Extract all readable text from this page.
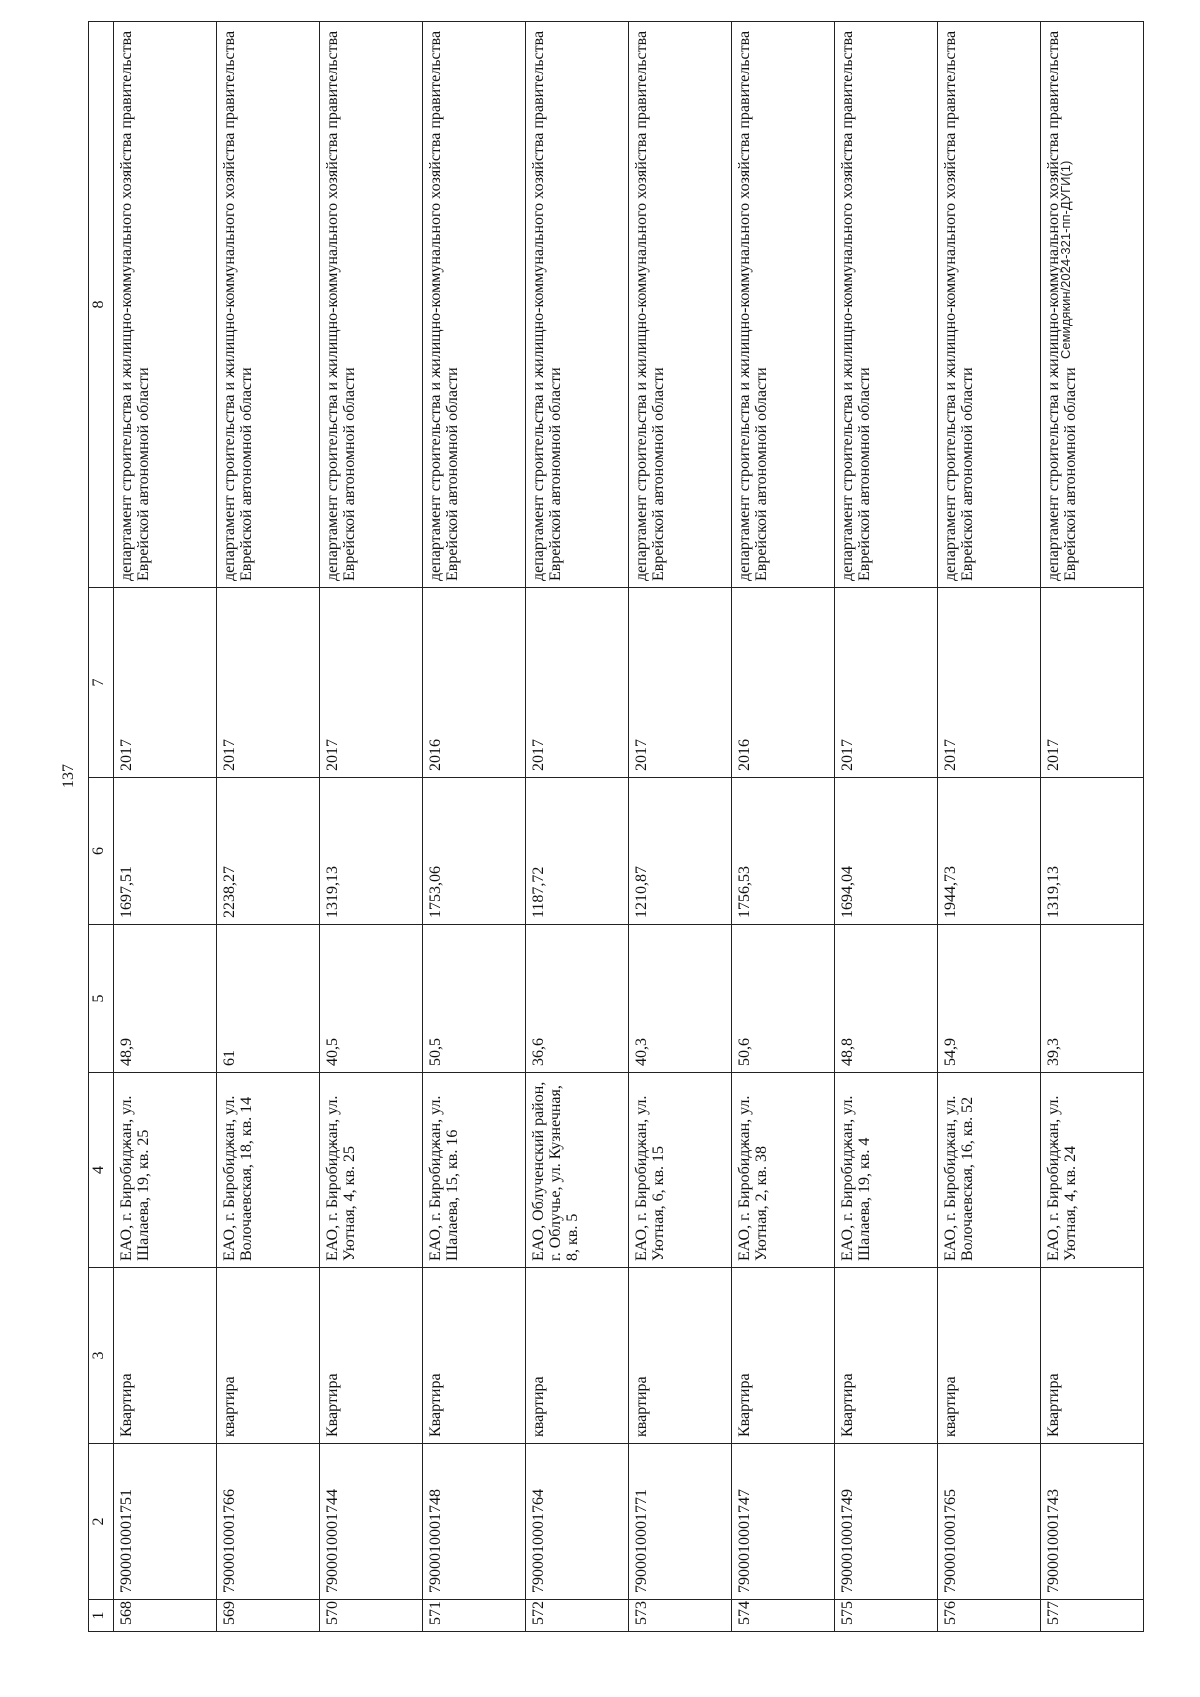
137
1	2	3	4	5	6	7	8
568	7900010001751	Квартира	ЕАО, г. Биробиджан, ул. Шалаева, 19, кв. 25	48,9	1697,51	2017	департамент строительства и жилищно-коммунального хозяйства правительства Еврейской автономной области
569	7900010001766	квартира	ЕАО, г. Биробиджан, ул. Волочаевская, 18, кв. 14	61	2238,27	2017	департамент строительства и жилищно-коммунального хозяйства правительства Еврейской автономной области
570	7900010001744	Квартира	ЕАО, г. Биробиджан, ул. Уютная, 4, кв. 25	40,5	1319,13	2017	департамент строительства и жилищно-коммунального хозяйства правительства Еврейской автономной области
571	7900010001748	Квартира	ЕАО, г. Биробиджан, ул. Шалаева, 15, кв. 16	50,5	1753,06	2016	департамент строительства и жилищно-коммунального хозяйства правительства Еврейской автономной области
572	7900010001764	квартира	ЕАО, Облученский район, г. Облучье, ул. Кузнечная, 8, кв. 5	36,6	1187,72	2017	департамент строительства и жилищно-коммунального хозяйства правительства Еврейской автономной области
573	7900010001771	квартира	ЕАО, г. Биробиджан, ул. Уютная, 6, кв. 15	40,3	1210,87	2017	департамент строительства и жилищно-коммунального хозяйства правительства Еврейской автономной области
574	7900010001747	Квартира	ЕАО, г. Биробиджан, ул. Уютная, 2, кв. 38	50,6	1756,53	2016	департамент строительства и жилищно-коммунального хозяйства правительства Еврейской автономной области
575	7900010001749	Квартира	ЕАО, г. Биробиджан, ул. Шалаева, 19, кв. 4	48,8	1694,04	2017	департамент строительства и жилищно-коммунального хозяйства правительства Еврейской автономной области
576	7900010001765	квартира	ЕАО, г. Биробиджан, ул. Волочаевская, 16, кв. 52	54,9	1944,73	2017	департамент строительства и жилищно-коммунального хозяйства правительства Еврейской автономной области
577	7900010001743	Квартира	ЕАО, г. Биробиджан, ул. Уютная, 4, кв. 24	39,3	1319,13	2017	департамент строительства и жилищно-коммунального хозяйства правительства Еврейской автономной области
Семидякин/2024-321-пп-ДУГИ(1)
